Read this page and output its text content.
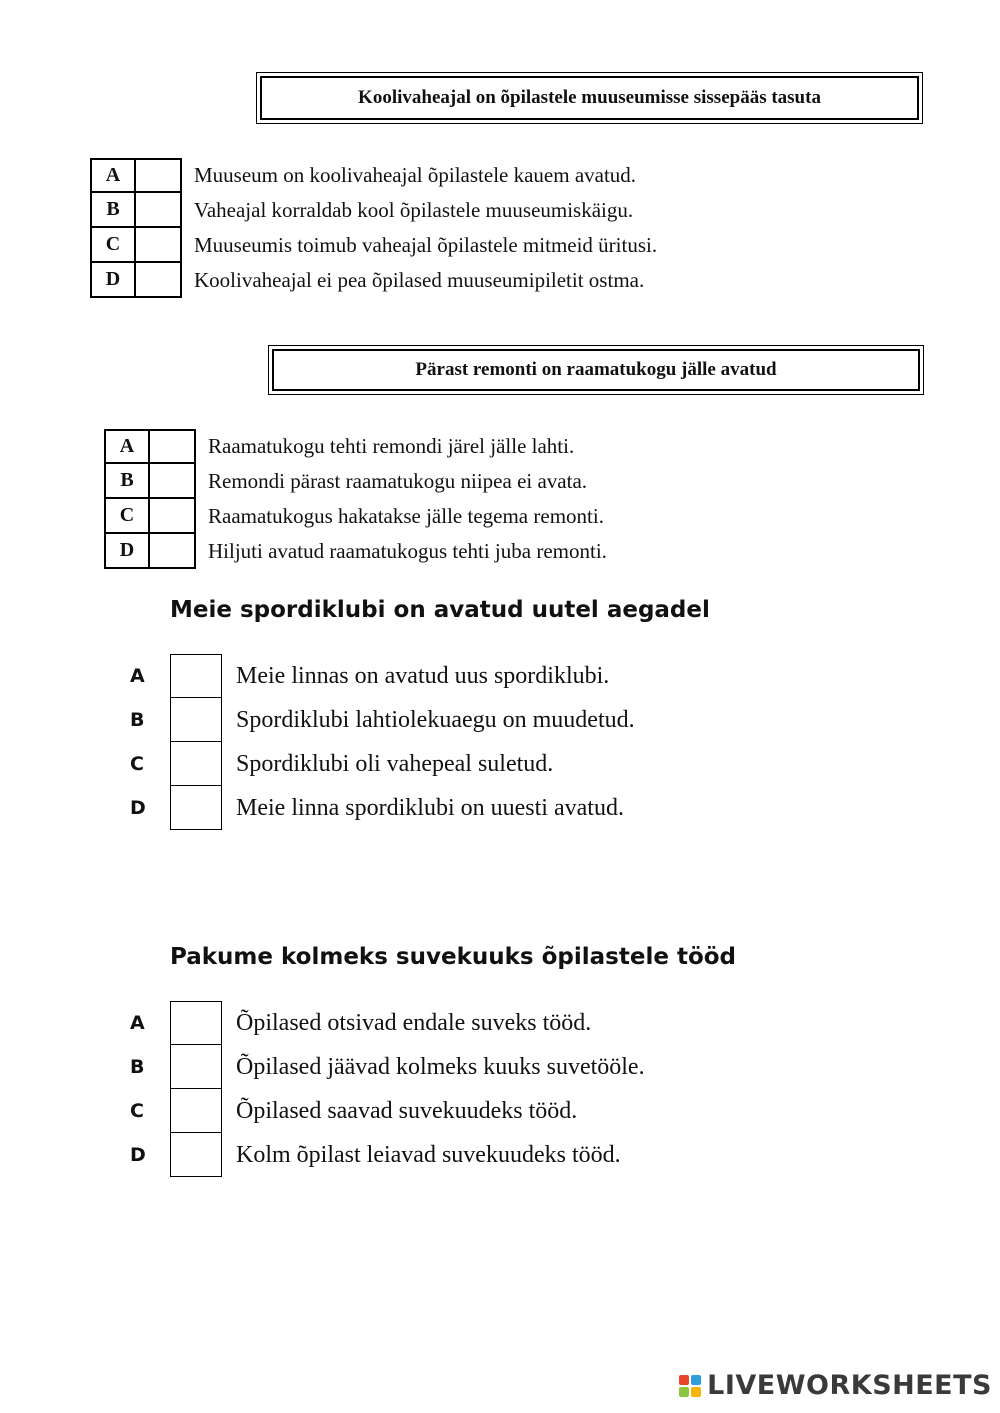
Koolivaheajal on õpilastele muuseumisse sissepääs tasuta
A	Muuseum on koolivaheajal õpilastele kauem avatud.
B	Vaheajal korraldab kool õpilastele muuseumiskäigu.
C	Muuseumis toimub vaheajal õpilastele mitmeid üritusi.
D	Koolivaheajal ei pea õpilased muuseumipiletit ostma.
Pärast remonti on raamatukogu jälle avatud
A	Raamatukogu tehti remondi järel jälle lahti.
B	Remondi pärast raamatukogu niipea ei avata.
C	Raamatukogus hakatakse jälle tegema remonti.
D	Hiljuti avatud raamatukogus tehti juba remonti.
Meie spordiklubi on avatud uutel aegadel
A	Meie linnas on avatud uus spordiklubi.
B	Spordiklubi lahtiolekuaegu on muudetud.
C	Spordiklubi oli vahepeal suletud.
D	Meie linna spordiklubi on uuesti avatud.
Pakume kolmeks suvekuuks õpilastele tööd
A	Õpilased otsivad endale suveks tööd.
B	Õpilased jäävad kolmeks kuuks suvetööle.
C	Õpilased saavad suvekuudeks tööd.
D	Kolm õpilast leiavad suvekuudeks tööd.
LIVEWORKSHEETS
